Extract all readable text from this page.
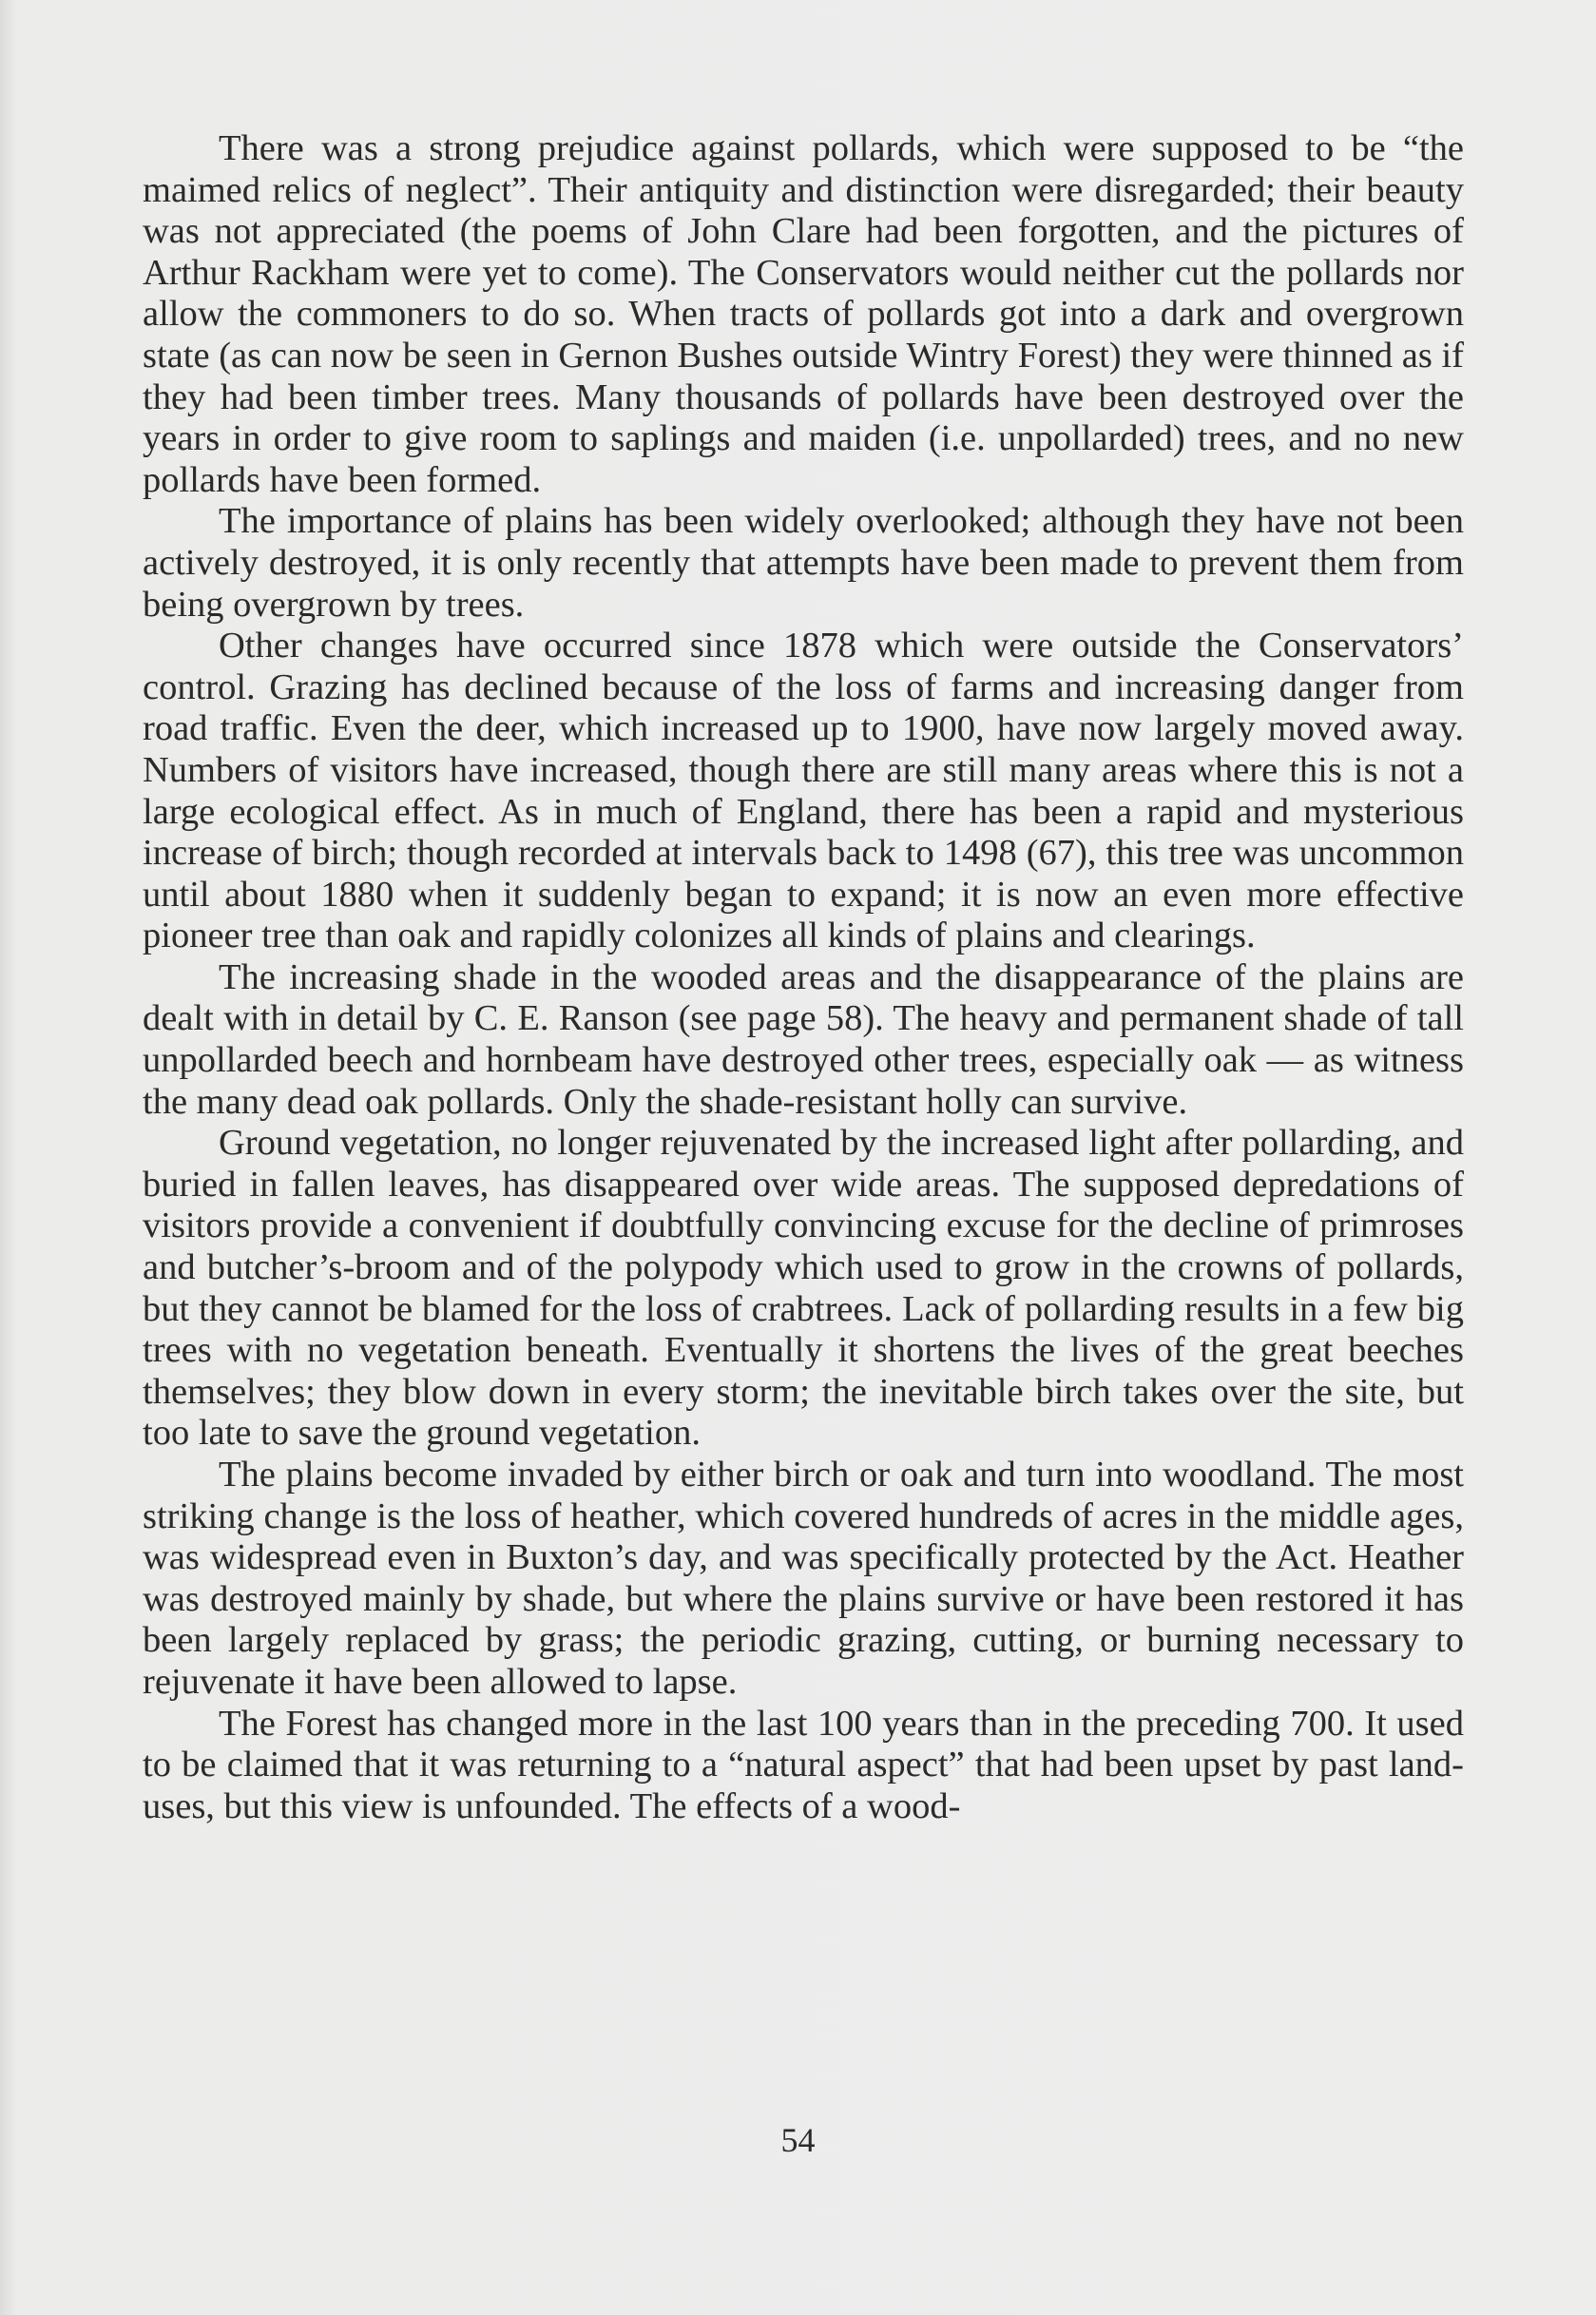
There was a strong prejudice against pollards, which were supposed to be “the maimed relics of neglect”. Their antiquity and distinction were disregarded; their beauty was not appreciated (the poems of John Clare had been forgotten, and the pictures of Arthur Rackham were yet to come). The Conservators would neither cut the pollards nor allow the commoners to do so. When tracts of pollards got into a dark and overgrown state (as can now be seen in Gernon Bushes outside Wintry Forest) they were thinned as if they had been timber trees. Many thousands of pollards have been destroyed over the years in order to give room to saplings and maiden (i.e. unpollarded) trees, and no new pollards have been formed.

The importance of plains has been widely overlooked; although they have not been actively destroyed, it is only recently that attempts have been made to prevent them from being overgrown by trees.

Other changes have occurred since 1878 which were outside the Conservators’ control. Grazing has declined because of the loss of farms and increasing danger from road traffic. Even the deer, which increased up to 1900, have now largely moved away. Numbers of visitors have increased, though there are still many areas where this is not a large ecological effect. As in much of England, there has been a rapid and mysterious increase of birch; though recorded at intervals back to 1498 (67), this tree was uncommon until about 1880 when it suddenly began to expand; it is now an even more effective pioneer tree than oak and rapidly colonizes all kinds of plains and clearings.

The increasing shade in the wooded areas and the disappearance of the plains are dealt with in detail by C. E. Ranson (see page 58). The heavy and permanent shade of tall unpollarded beech and hornbeam have destroyed other trees, especially oak — as witness the many dead oak pollards. Only the shade-resistant holly can survive.

Ground vegetation, no longer rejuvenated by the increased light after pollarding, and buried in fallen leaves, has disappeared over wide areas. The supposed depredations of visitors provide a convenient if doubtfully convincing excuse for the decline of primroses and butcher’s-broom and of the polypody which used to grow in the crowns of pollards, but they cannot be blamed for the loss of crabtrees. Lack of pollarding results in a few big trees with no vegetation beneath. Eventually it shortens the lives of the great beeches themselves; they blow down in every storm; the inevitable birch takes over the site, but too late to save the ground vegetation.

The plains become invaded by either birch or oak and turn into woodland. The most striking change is the loss of heather, which covered hundreds of acres in the middle ages, was widespread even in Buxton’s day, and was specifically protected by the Act. Heather was destroyed mainly by shade, but where the plains survive or have been restored it has been largely replaced by grass; the periodic grazing, cutting, or burning necessary to rejuvenate it have been allowed to lapse.

The Forest has changed more in the last 100 years than in the preceding 700. It used to be claimed that it was returning to a “natural aspect” that had been upset by past land-uses, but this view is unfounded. The effects of a wood-

54
